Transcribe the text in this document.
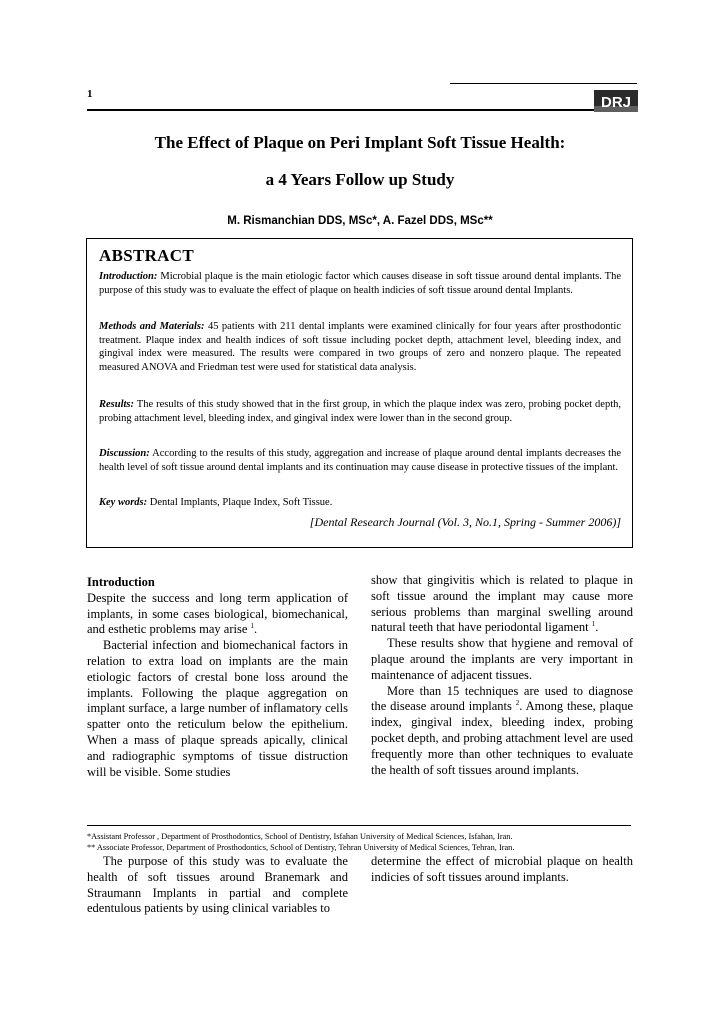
1	DRJ
The Effect of Plaque on Peri Implant Soft Tissue Health:
a 4 Years Follow up Study
M. Rismanchian DDS, MSc*, A. Fazel DDS, MSc**
ABSTRACT
Introduction: Microbial plaque is the main etiologic factor which causes disease in soft tissue around dental implants. The purpose of this study was to evaluate the effect of plaque on health indicies of soft tissue around dental Implants.
Methods and Materials: 45 patients with 211 dental implants were examined clinically for four years after prosthodontic treatment. Plaque index and health indices of soft tissue including pocket depth, attachment level, bleeding index, and gingival index were measured. The results were compared in two groups of zero and nonzero plaque. The repeated measured ANOVA and Friedman test were used for statistical data analysis.
Results: The results of this study showed that in the first group, in which the plaque index was zero, probing pocket depth, probing attachment level, bleeding index, and gingival index were lower than in the second group.
Discussion: According to the results of this study, aggregation and increase of plaque around dental implants decreases the health level of soft tissue around dental implants and its continuation may cause disease in protective tissues of the implant.
Key words: Dental Implants, Plaque Index, Soft Tissue.
[Dental Research Journal (Vol. 3, No.1, Spring - Summer 2006)]
Introduction

Despite the success and long term application of implants, in some cases biological, biomechanical, and esthetic problems may arise $^1$.

Bacterial infection and biomechanical factors in relation to extra load on implants are the main etiologic factors of crestal bone loss around the implants. Following the plaque aggregation on implant surface, a large number of inflamatory cells spatter onto the reticulum below the epithelium. When a mass of plaque spreads apically, clinical and radiographic symptoms of tissue distruction will be visible. Some studies

show that gingivitis which is related to plaque in soft tissue around the implant may cause more serious problems than marginal swelling around natural teeth that have periodontal ligament $^1$.

These results show that hygiene and removal of plaque around the implants are very important in maintenance of adjacent tissues.

More than 15 techniques are used to diagnose the disease around implants $^2$. Among these, plaque index, gingival index, bleeding index, probing pocket depth, and probing attachment level are used frequently more than other techniques to evaluate the health of soft tissues around implants.

*Assistant Professor , Department of Prosthodontics, School of Dentistry, Isfahan University of Medical Sciences, Isfahan, Iran.
** Associate Professor, Department of Prosthodontics, School of Dentistry, Tehran University of Medical Sciences, Tehran, Iran.

The purpose of this study was to evaluate the health of soft tissues around Branemark and Straumann Implants in partial and complete edentulous patients by using clinical variables to

determine the effect of microbial plaque on health indicies of soft tissues around implants.
